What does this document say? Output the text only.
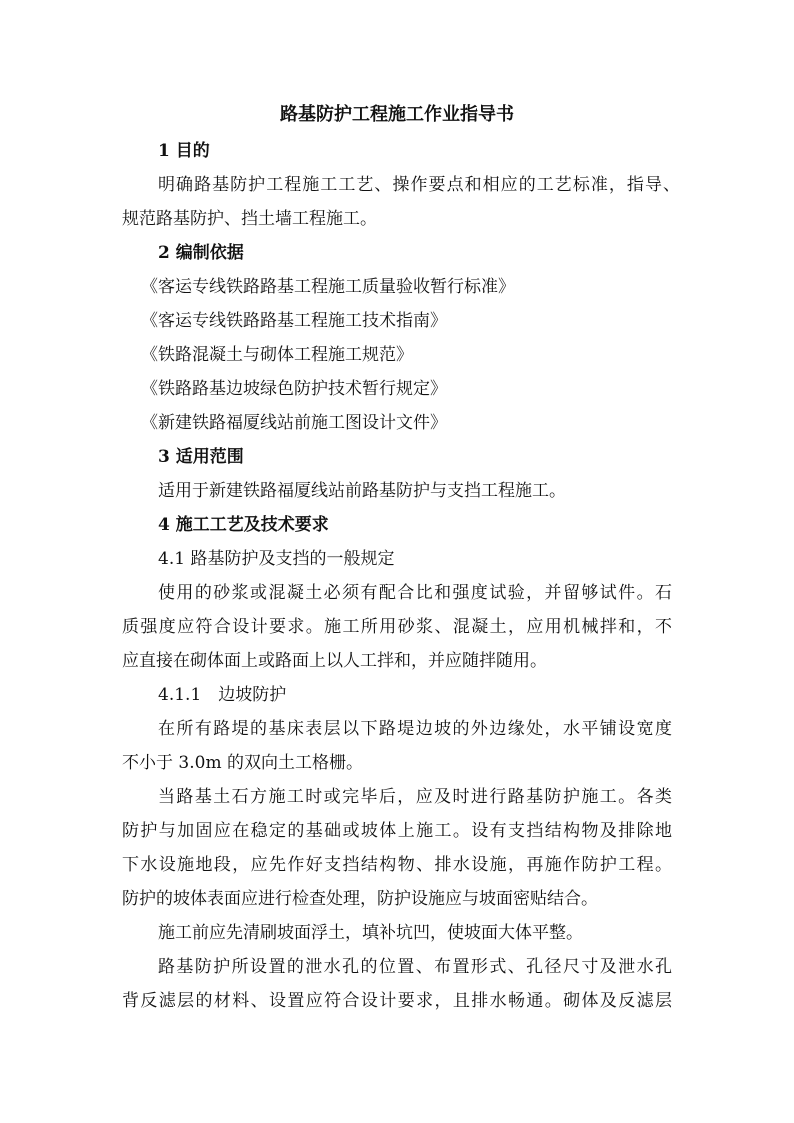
路基防护工程施工作业指导书
1 目的
明确路基防护工程施工工艺、操作要点和相应的工艺标准，指导、
规范路基防护、挡土墙工程施工。
2 编制依据
《客运专线铁路路基工程施工质量验收暂行标准》
《客运专线铁路路基工程施工技术指南》
《铁路混凝土与砌体工程施工规范》
《铁路路基边坡绿色防护技术暂行规定》
《新建铁路福厦线站前施工图设计文件》
3 适用范围
适用于新建铁路福厦线站前路基防护与支挡工程施工。
4 施工工艺及技术要求
4.1 路基防护及支挡的一般规定
使用的砂浆或混凝土必须有配合比和强度试验，并留够试件。石
质强度应符合设计要求。施工所用砂浆、混凝土，应用机械拌和，不
应直接在砌体面上或路面上以人工拌和，并应随拌随用。
4.1.1　边坡防护
在所有路堤的基床表层以下路堤边坡的外边缘处，水平铺设宽度
不小于 3.0m 的双向土工格栅。
当路基土石方施工时或完毕后，应及时进行路基防护施工。各类
防护与加固应在稳定的基础或坡体上施工。设有支挡结构物及排除地
下水设施地段，应先作好支挡结构物、排水设施，再施作防护工程。
防护的坡体表面应进行检查处理，防护设施应与坡面密贴结合。
施工前应先清刷坡面浮土，填补坑凹，使坡面大体平整。
路基防护所设置的泄水孔的位置、布置形式、孔径尺寸及泄水孔
背反滤层的材料、设置应符合设计要求，且排水畅通。砌体及反滤层
